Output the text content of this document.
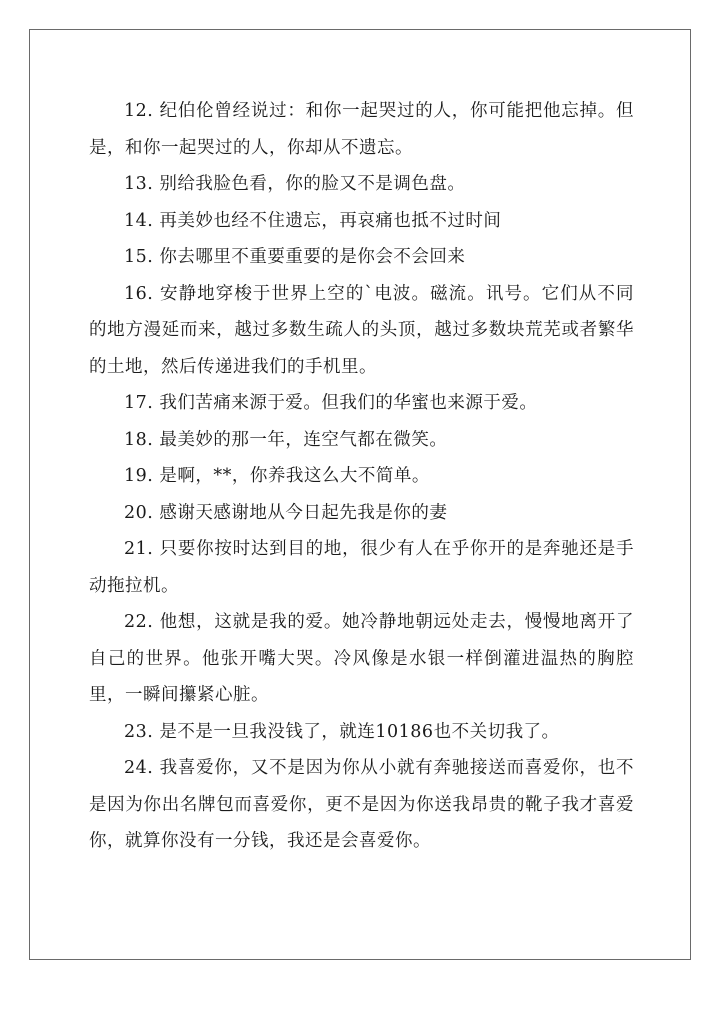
12. 纪伯伦曾经说过：和你一起哭过的人，你可能把他忘掉。但是，和你一起哭过的人，你却从不遗忘。

13. 别给我脸色看，你的脸又不是调色盘。

14. 再美妙也经不住遗忘，再哀痛也抵不过时间

15. 你去哪里不重要重要的是你会不会回来

16. 安静地穿梭于世界上空的`电波。磁流。讯号。它们从不同的地方漫延而来，越过多数生疏人的头顶，越过多数块荒芜或者繁华的土地，然后传递进我们的手机里。

17. 我们苦痛来源于爱。但我们的华蜜也来源于爱。

18. 最美妙的那一年，连空气都在微笑。

19. 是啊，**，你养我这么大不简单。

20. 感谢天感谢地从今日起先我是你的妻

21. 只要你按时达到目的地，很少有人在乎你开的是奔驰还是手动拖拉机。

22. 他想，这就是我的爱。她冷静地朝远处走去，慢慢地离开了自己的世界。他张开嘴大哭。冷风像是水银一样倒灌进温热的胸腔里，一瞬间攥紧心脏。

23. 是不是一旦我没钱了，就连10186也不关切我了。

24. 我喜爱你，又不是因为你从小就有奔驰接送而喜爱你，也不是因为你出名牌包而喜爱你，更不是因为你送我昂贵的靴子我才喜爱你，就算你没有一分钱，我还是会喜爱你。
